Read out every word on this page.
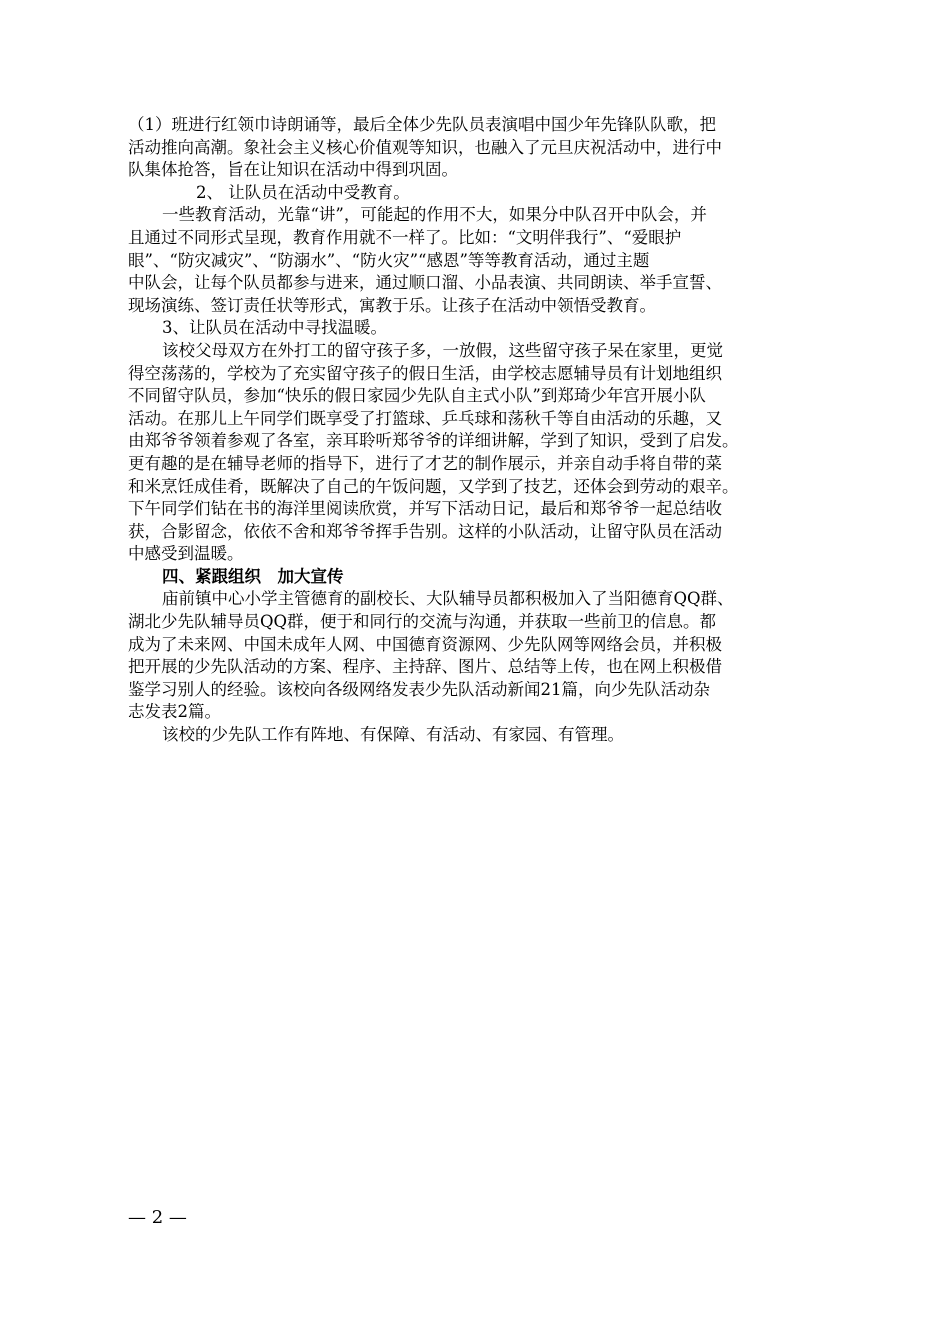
（1）班进行红领巾诗朗诵等，最后全体少先队员表演唱中国少年先锋队队歌，把
活动推向高潮。象社会主义核心价值观等知识，也融入了元旦庆祝活动中，进行中
队集体抢答，旨在让知识在活动中得到巩固。
2、 让队员在活动中受教育。
一些教育活动，光靠“讲”，可能起的作用不大，如果分中队召开中队会，并
且通过不同形式呈现，教育作用就不一样了。比如：“文明伴我行”、“爱眼护
眼”、“防灾减灾”、“防溺水”、“防火灾”“感恩”等等教育活动，通过主题
中队会，让每个队员都参与进来，通过顺口溜、小品表演、共同朗读、举手宣誓、
现场演练、签订责任状等形式，寓教于乐。让孩子在活动中领悟受教育。
3、让队员在活动中寻找温暖。
该校父母双方在外打工的留守孩子多，一放假，这些留守孩子呆在家里，更觉
得空荡荡的，学校为了充实留守孩子的假日生活，由学校志愿辅导员有计划地组织
不同留守队员，参加“快乐的假日家园少先队自主式小队”到郑琦少年宫开展小队
活动。在那儿上午同学们既享受了打篮球、乒乓球和荡秋千等自由活动的乐趣，又
由郑爷爷领着参观了各室，亲耳聆听郑爷爷的详细讲解，学到了知识，受到了启发。
更有趣的是在辅导老师的指导下，进行了才艺的制作展示，并亲自动手将自带的菜
和米烹饪成佳肴，既解决了自己的午饭问题，又学到了技艺，还体会到劳动的艰辛。
下午同学们钻在书的海洋里阅读欣赏，并写下活动日记，最后和郑爷爷一起总结收
获，合影留念，依依不舍和郑爷爷挥手告别。这样的小队活动，让留守队员在活动
中感受到温暖。
四、紧跟组织　加大宣传
庙前镇中心小学主管德育的副校长、大队辅导员都积极加入了当阳德育QQ群、
湖北少先队辅导员QQ群，便于和同行的交流与沟通，并获取一些前卫的信息。都
成为了未来网、中国未成年人网、中国德育资源网、少先队网等网络会员，并积极
把开展的少先队活动的方案、程序、主持辞、图片、总结等上传，也在网上积极借
鉴学习别人的经验。该校向各级网络发表少先队活动新闻21篇，向少先队活动杂
志发表2篇。
该校的少先队工作有阵地、有保障、有活动、有家园、有管理。
— 2 —
